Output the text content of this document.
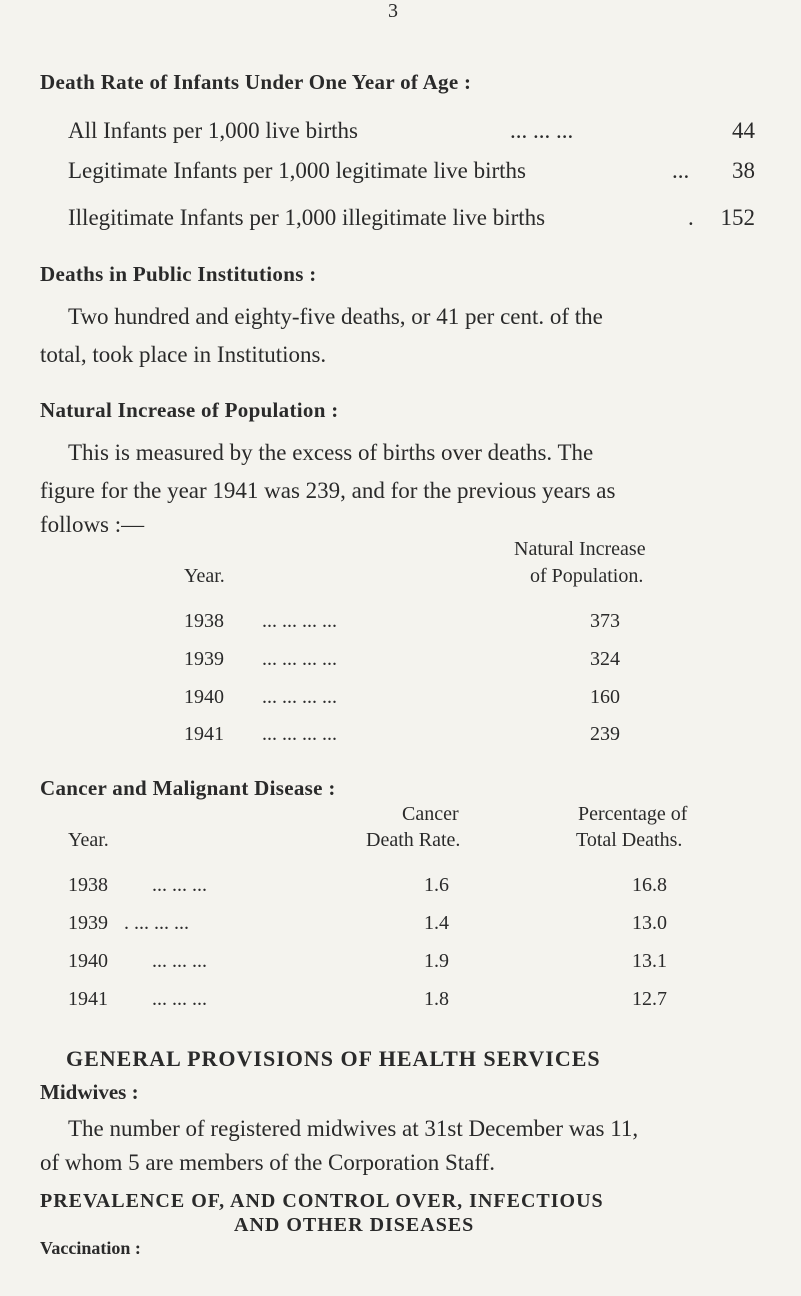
3
Death Rate of Infants Under One Year of Age :
All Infants per 1,000 live births	... ... ...	44
Legitimate Infants per 1,000 legitimate live births	... 38
Illegitimate Infants per 1,000 illegitimate live births	. 152
Deaths in Public Institutions :
Two hundred and eighty-five deaths, or 41 per cent. of the
total, took place in Institutions.
Natural Increase of Population :
This is measured by the excess of births over deaths. The
figure for the year 1941 was 239, and for the previous years as
follows :—
Year.
Natural Increase
of Population.
1938 ... ... ... ...	373
1939 ... ... ... ...	324
1940 ... ... ... ...	160
1941 ... ... ... ...	239
Cancer and Malignant Disease :
Year.
Cancer
Death Rate.
Percentage of
Total Deaths.
1938 ... ... ...	1.6	16.8
1939 . ... ... ...	1.4	13.0
1940 ... ... ...	1.9	13.1
1941 ... ... ...	1.8	12.7
GENERAL PROVISIONS OF HEALTH SERVICES
Midwives :
The number of registered midwives at 31st December was 11,
of whom 5 are members of the Corporation Staff.
PREVALENCE OF, AND CONTROL OVER, INFECTIOUS
AND OTHER DISEASES
Vaccination :
